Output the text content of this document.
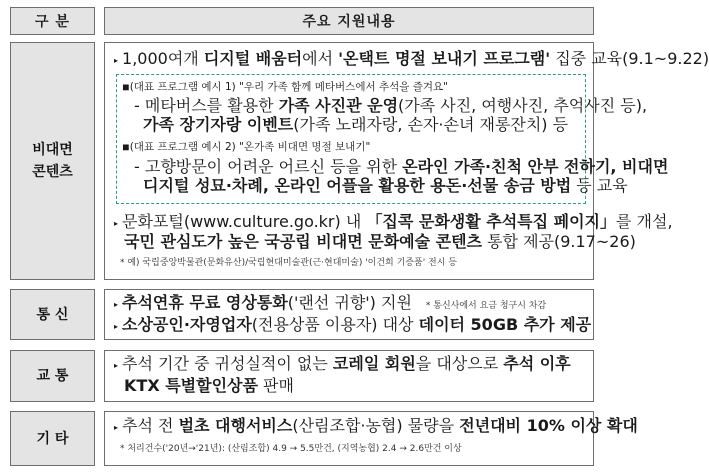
구 분	주요 지원내용
비대면
콘텐츠
▸ 1,000여개 디지털 배움터에서 '온택트 명절 보내기 프로그램' 집중 교육(9.1~9.22)
◾(대표 프로그램 예시 1) "우리 가족 함께 메타버스에서 추석을 즐겨요"
- 메타버스를 활용한 가족 사진관 운영(가족 사진, 여행사진, 추억사진 등),
가족 장기자랑 이벤트(가족 노래자랑, 손자·손녀 재롱잔치) 등
◾(대표 프로그램 예시 2) "온가족 비대면 명절 보내기"
- 고향방문이 어려운 어르신 등을 위한 온라인 가족·친척 안부 전하기, 비대면
디지털 성묘·차례, 온라인 어플을 활용한 용돈·선물 송금 방법 등 교육
▸ 문화포털(www.culture.go.kr) 내 「집콕 문화생활 추석특집 페이지」를 개설,
국민 관심도가 높은 국공립 비대면 문화예술 콘텐츠 통합 제공(9.17~26)
* 예) 국립중앙박물관(문화유산)/국립현대미술관(근·현대미술) '이건희 기증품' 전시 등
통 신
▸ 추석연휴 무료 영상통화('랜선 귀향') 지원 * 통신사에서 요금 청구시 차감
▸ 소상공인·자영업자(전용상품 이용자) 대상 데이터 50GB 추가 제공
교 통
▸ 추석 기간 중 귀성실적이 없는 코레일 회원을 대상으로 추석 이후
KTX 특별할인상품 판매
기 타
▸ 추석 전 벌초 대행서비스(산림조합·농협) 물량을 전년대비 10% 이상 확대
* 처리건수('20년→'21년): (산림조합) 4.9 → 5.5만건, (지역농협) 2.4 → 2.6만건 이상
